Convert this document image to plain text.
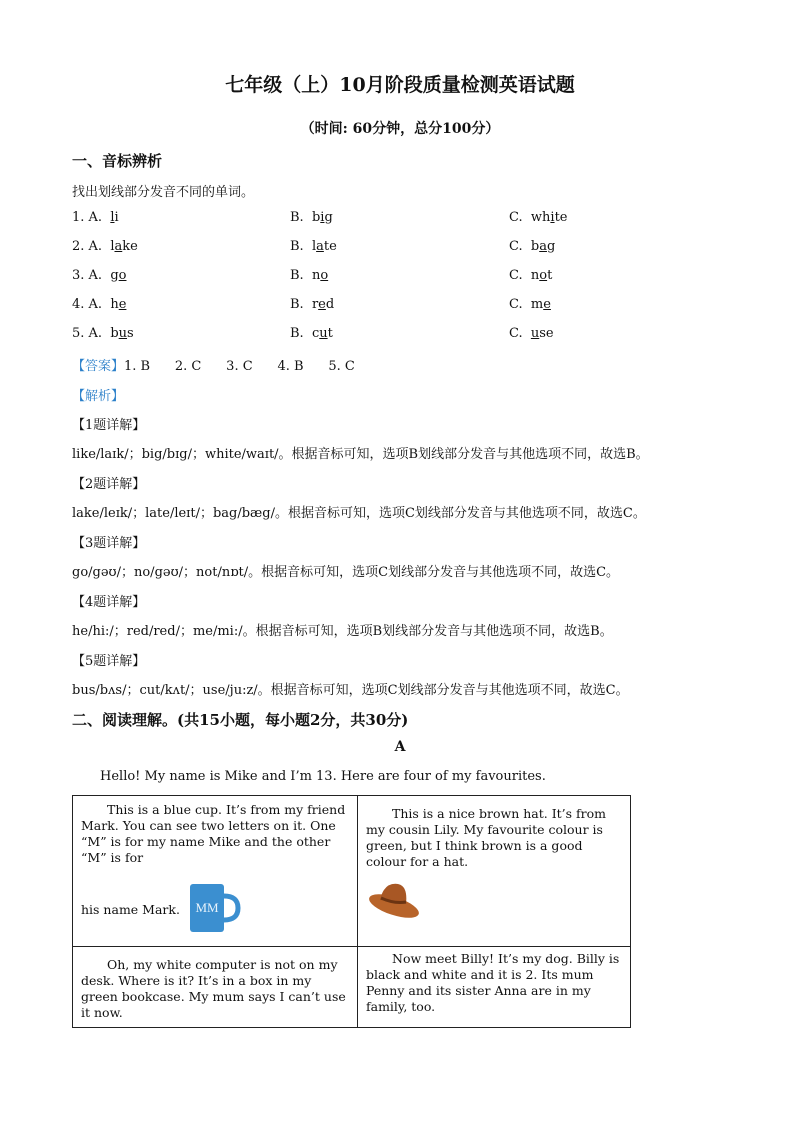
七年级（上）10月阶段质量检测英语试题
（时间: 60分钟，总分100分）
一、音标辨析
找出划线部分发音不同的单词。
1. A.  li	B.  big	C.  white
2. A.  lake	B.  late	C.  bag
3. A.  go	B.  no	C.  not
4. A.  he	B.  red	C.  me
5. A.  bus	B.  cut	C.  use
【答案】1. B      2. C      3. C      4. B      5. C
【解析】
【1题详解】
like/laɪk/；big/bɪg/；white/waɪt/。根据音标可知，选项B划线部分发音与其他选项不同，故选B。
【2题详解】
lake/leɪk/；late/leɪt/；bag/bæg/。根据音标可知，选项C划线部分发音与其他选项不同，故选C。
【3题详解】
go/gəʊ/；no/gəʊ/；not/nɒt/。根据音标可知，选项C划线部分发音与其他选项不同，故选C。
【4题详解】
he/hi:/；red/red/；me/mi:/。根据音标可知，选项B划线部分发音与其他选项不同，故选B。
【5题详解】
bus/bʌs/；cut/kʌt/；use/ju:z/。根据音标可知，选项C划线部分发音与其他选项不同，故选C。
二、阅读理解。(共15小题，每小题2分，共30分)
A
Hello! My name is Mike and I’m 13. Here are four of my favourites.
This is a blue cup. It’s from my friend Mark. You can see two letters on it. One “M” is for my name Mike and the other “M” is for
his name Mark. MM	This is a nice brown hat. It’s from my cousin Lily. My favourite colour is green, but I think brown is a good colour for a hat.

Oh, my white computer is not on my desk. Where is it? It’s in a box in my green bookcase. My mum says I can’t use it now.	Now meet Billy! It’s my dog. Billy is black and white and it is 2. Its mum Penny and its sister Anna are in my family, too.
